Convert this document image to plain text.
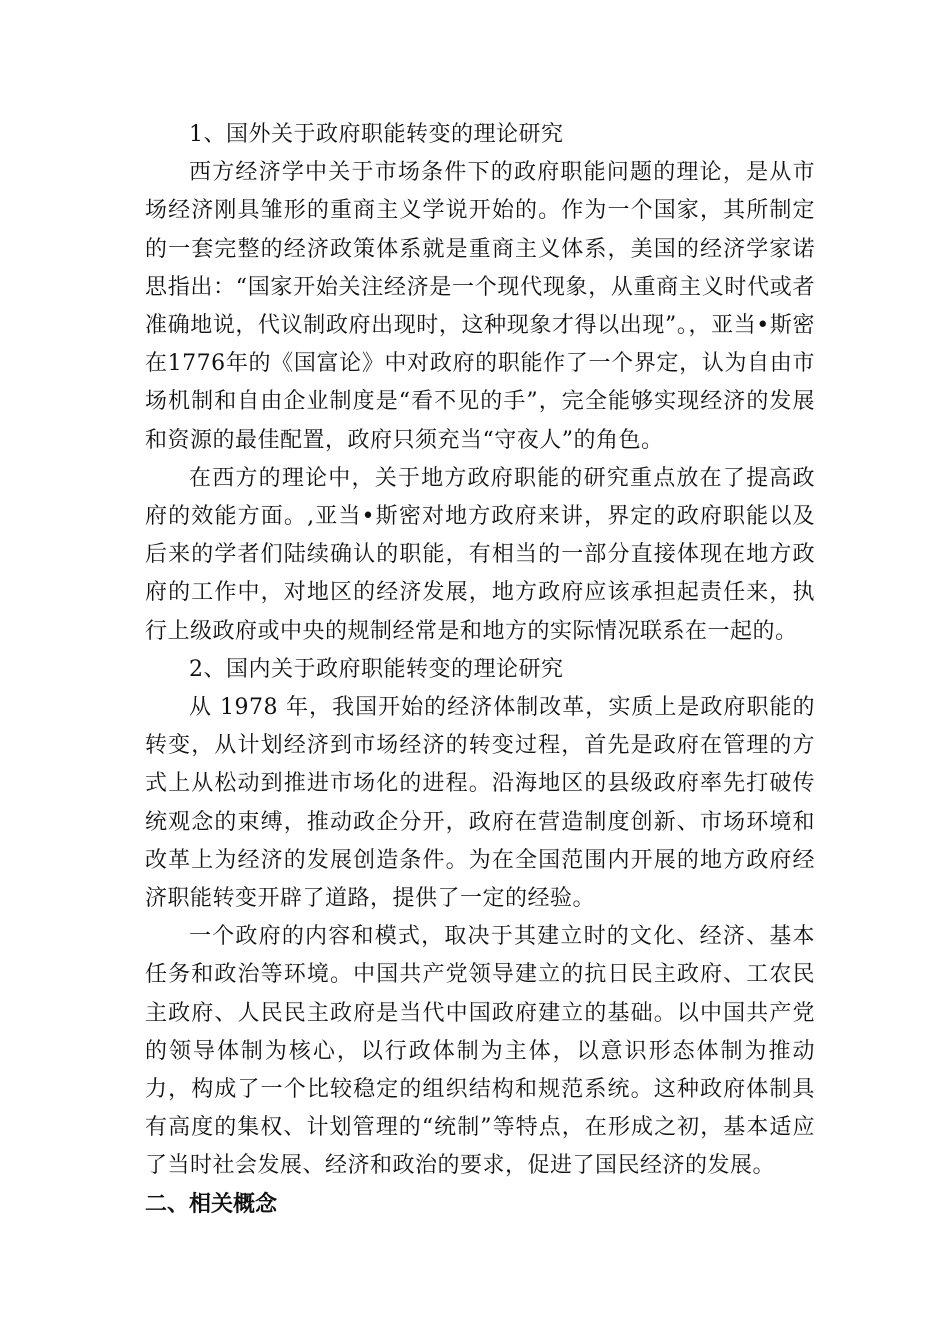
1、国外关于政府职能转变的理论研究

西方经济学中关于市场条件下的政府职能问题的理论，是从市场经济刚具雏形的重商主义学说开始的。作为一个国家，其所制定的一套完整的经济政策体系就是重商主义体系，美国的经济学家诺思指出：“国家开始关注经济是一个现代现象，从重商主义时代或者准确地说，代议制政府出现时，这种现象才得以出现”。，亚当•斯密在1776年的《国富论》中对政府的职能作了一个界定，认为自由市场机制和自由企业制度是“看不见的手”，完全能够实现经济的发展和资源的最佳配置，政府只须充当“守夜人”的角色。

在西方的理论中，关于地方政府职能的研究重点放在了提高政府的效能方面。,亚当•斯密对地方政府来讲，界定的政府职能以及后来的学者们陆续确认的职能，有相当的一部分直接体现在地方政府的工作中，对地区的经济发展，地方政府应该承担起责任来，执行上级政府或中央的规制经常是和地方的实际情况联系在一起的。

2、国内关于政府职能转变的理论研究

从 1978 年，我国开始的经济体制改革，实质上是政府职能的转变，从计划经济到市场经济的转变过程，首先是政府在管理的方式上从松动到推进市场化的进程。沿海地区的县级政府率先打破传统观念的束缚，推动政企分开，政府在营造制度创新、市场环境和改革上为经济的发展创造条件。为在全国范围内开展的地方政府经济职能转变开辟了道路，提供了一定的经验。

一个政府的内容和模式，取决于其建立时的文化、经济、基本任务和政治等环境。中国共产党领导建立的抗日民主政府、工农民主政府、人民民主政府是当代中国政府建立的基础。以中国共产党的领导体制为核心，以行政体制为主体，以意识形态体制为推动力，构成了一个比较稳定的组织结构和规范系统。这种政府体制具有高度的集权、计划管理的“统制”等特点，在形成之初，基本适应了当时社会发展、经济和政治的要求，促进了国民经济的发展。

二、相关概念
